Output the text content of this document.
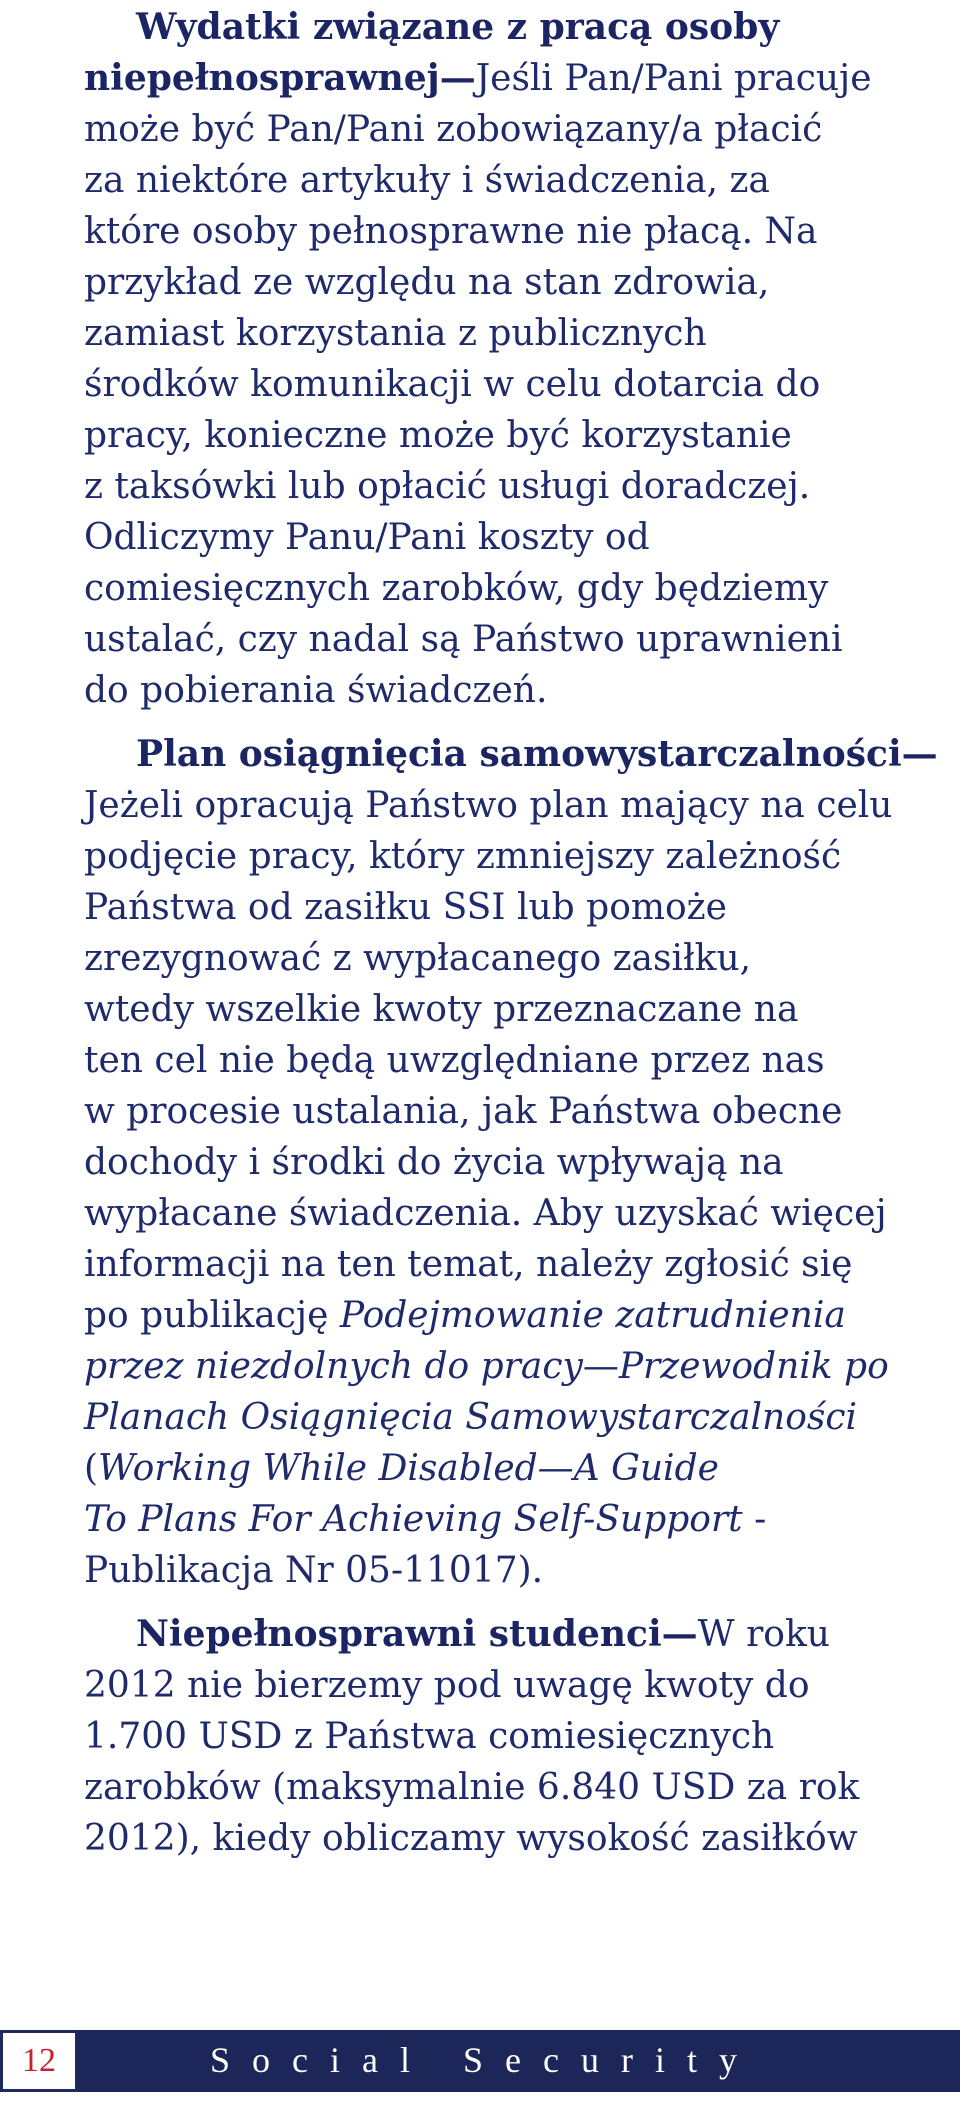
Wydatki związane z pracą osoby
niepełnosprawnej—Jeśli Pan/Pani pracuje
może być Pan/Pani zobowiązany/a płacić
za niektóre artykuły i świadczenia, za
które osoby pełnosprawne nie płacą. Na
przykład ze względu na stan zdrowia,
zamiast korzystania z publicznych
środków komunikacji w celu dotarcia do
pracy, konieczne może być korzystanie
z taksówki lub opłacić usługi doradczej.
Odliczymy Panu/Pani koszty od
comiesięcznych zarobków, gdy będziemy
ustalać, czy nadal są Państwo uprawnieni
do pobierania świadczeń.
Plan osiągnięcia samowystarczalności—
Jeżeli opracują Państwo plan mający na celu
podjęcie pracy, który zmniejszy zależność
Państwa od zasiłku SSI lub pomoże
zrezygnować z wypłacanego zasiłku,
wtedy wszelkie kwoty przeznaczane na
ten cel nie będą uwzględniane przez nas
w procesie ustalania, jak Państwa obecne
dochody i środki do życia wpływają na
wypłacane świadczenia. Aby uzyskać więcej
informacji na ten temat, należy zgłosić się
po publikację Podejmowanie zatrudnienia
przez niezdolnych do pracy—Przewodnik po
Planach Osiągnięcia Samowystarczalności
(Working While Disabled—A Guide
To Plans For Achieving Self-Support -
Publikacja Nr 05-11017).
Niepełnosprawni studenci—W roku
2012 nie bierzemy pod uwagę kwoty do
1.700 USD z Państwa comiesięcznych
zarobków (maksymalnie 6.840 USD za rok
2012), kiedy obliczamy wysokość zasiłków
12	Social Security
